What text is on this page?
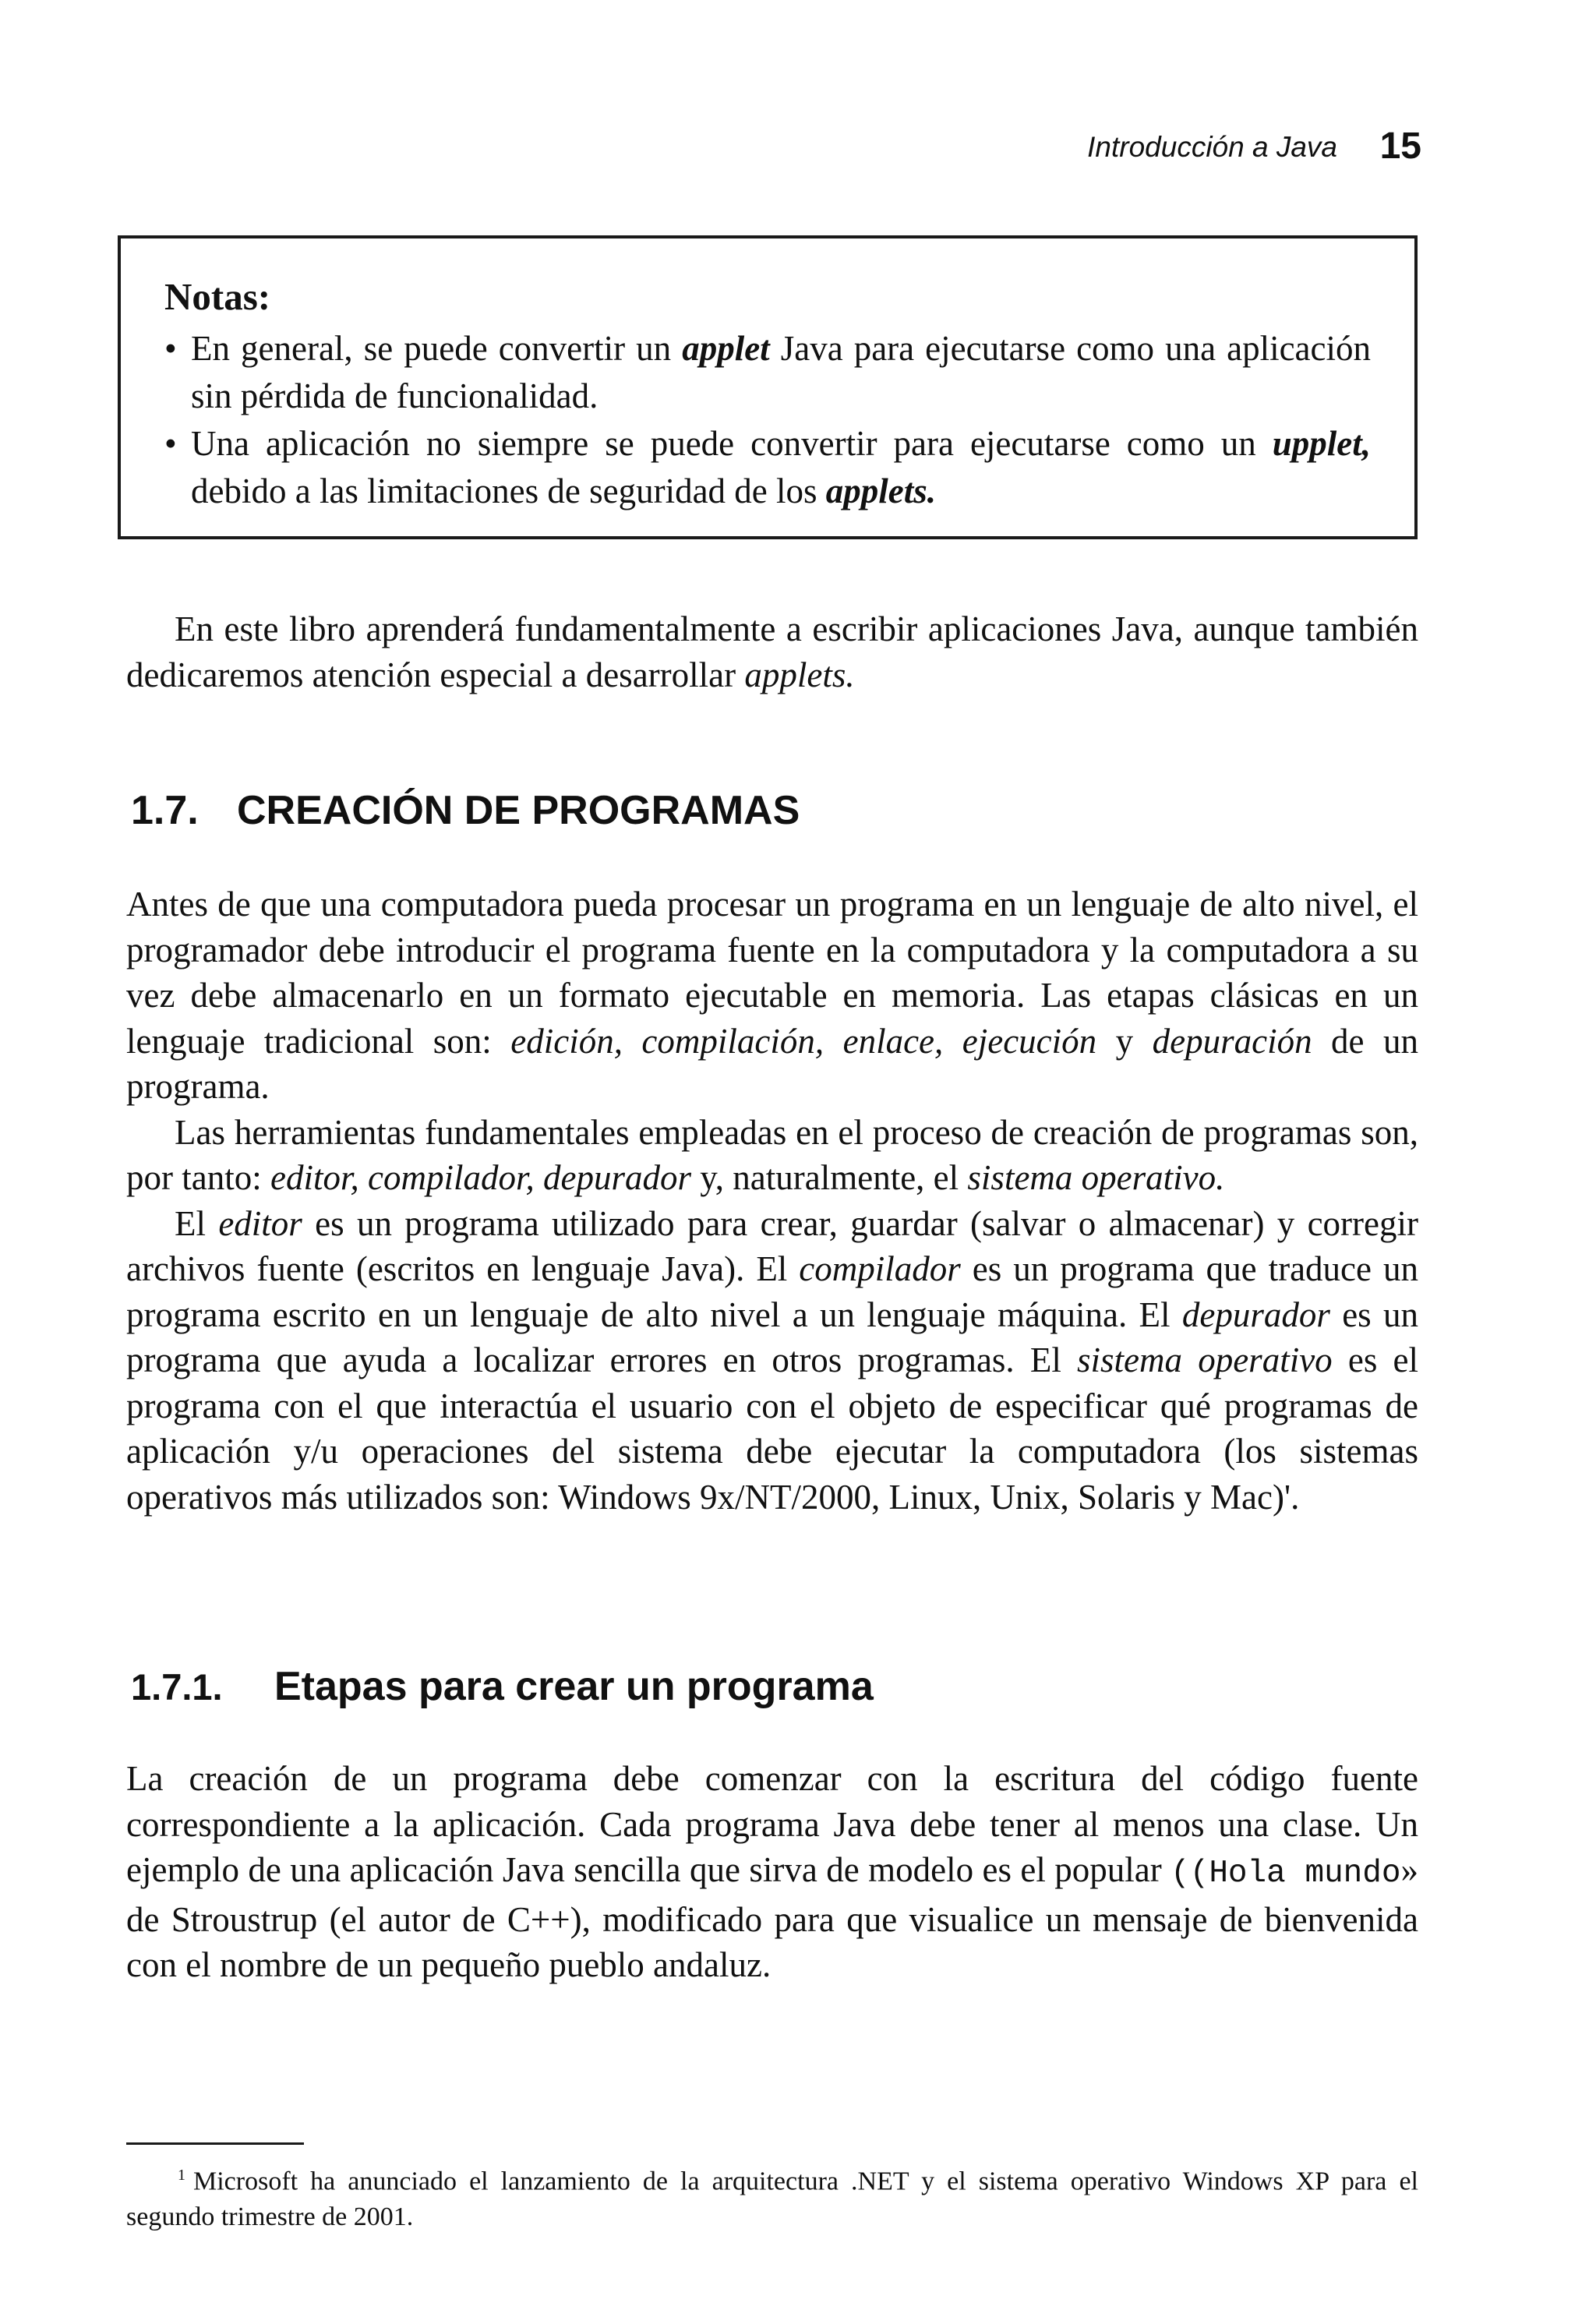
Introducción a Java	15

Notas:

• En general, se puede convertir un applet Java para ejecutarse como una aplicación sin pérdida de funcionalidad.

• Una aplicación no siempre se puede convertir para ejecutarse como un upplet, debido a las limitaciones de seguridad de los applets.

En este libro aprenderá fundamentalmente a escribir aplicaciones Java, aunque también dedicaremos atención especial a desarrollar applets.

1.7. CREACIÓN DE PROGRAMAS

Antes de que una computadora pueda procesar un programa en un lenguaje de alto nivel, el programador debe introducir el programa fuente en la computadora y la computadora a su vez debe almacenarlo en un formato ejecutable en memoria. Las etapas clásicas en un lenguaje tradicional son: edición, compilación, enlace, ejecución y depuración de un programa.

Las herramientas fundamentales empleadas en el proceso de creación de programas son, por tanto: editor, compilador, depurador y, naturalmente, el sistema operativo.

El editor es un programa utilizado para crear, guardar (salvar o almacenar) y corregir archivos fuente (escritos en lenguaje Java). El compilador es un programa que traduce un programa escrito en un lenguaje de alto nivel a un lenguaje máquina. El depurador es un programa que ayuda a localizar errores en otros programas. El sistema operativo es el programa con el que interactúa el usuario con el objeto de especificar qué programas de aplicación y/u operaciones del sistema debe ejecutar la computadora (los sistemas operativos más utilizados son: Windows 9x/NT/2000, Linux, Unix, Solaris y Mac)'.

1.7.1. Etapas para crear un programa

La creación de un programa debe comenzar con la escritura del código fuente correspondiente a la aplicación. Cada programa Java debe tener al menos una clase. Un ejemplo de una aplicación Java sencilla que sirva de modelo es el popular ((Hola mundo» de Stroustrup (el autor de C++), modificado para que visualice un mensaje de bienvenida con el nombre de un pequeño pueblo andaluz.

$^1$ Microsoft ha anunciado el lanzamiento de la arquitectura .NET y el sistema operativo Windows XP para el segundo trimestre de 2001.
